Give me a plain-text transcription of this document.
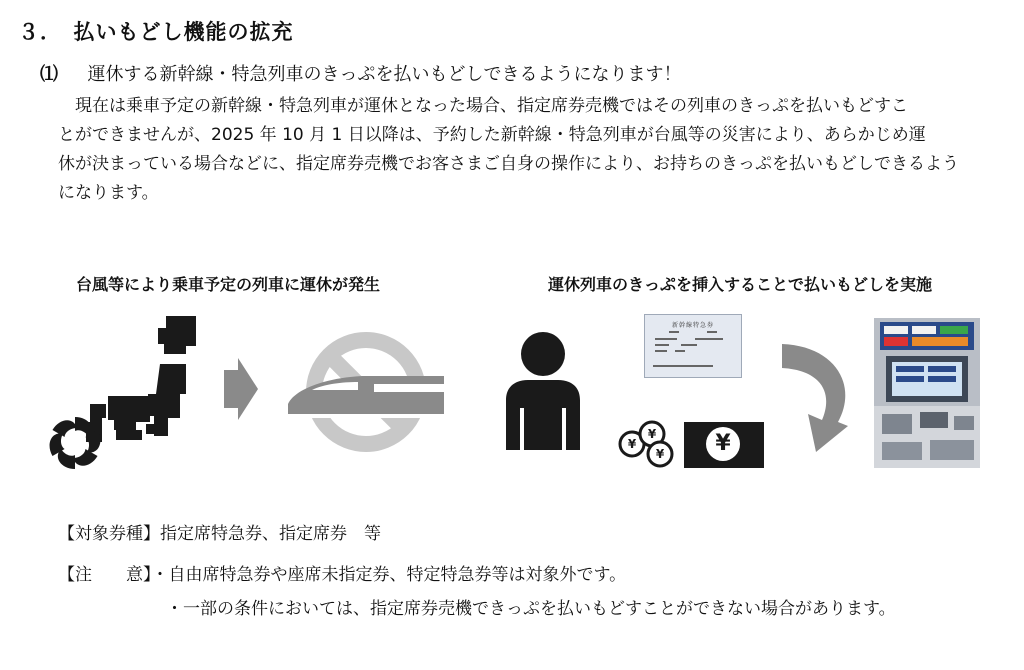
３．　払いもどし機能の拡充
⑴ 運休する新幹線・特急列車のきっぷを払いもどしできるようになります！

　現在は乗車予定の新幹線・特急列車が運休となった場合、指定席券売機ではその列車のきっぷを払いもどすこ

とができませんが、2025 年 10 月 1 日以降は、予約した新幹線・特急列車が台風等の災害により、あらかじめ運

休が決まっている場合などに、指定席券売機でお客さまご自身の操作により、お持ちのきっぷを払いもどしできるよう

になります。

台風等により乗車予定の列車に運休が発生	運休列車のきっぷを挿入することで払いもどしを実施
新幹線特急券
¥
¥
¥	¥
【対象券種】指定席特急券、指定席券　等
【注　　意】・自由席特急券や座席未指定券、特定特急券等は対象外です。
・一部の条件においては、指定席券売機できっぷを払いもどすことができない場合があります。
